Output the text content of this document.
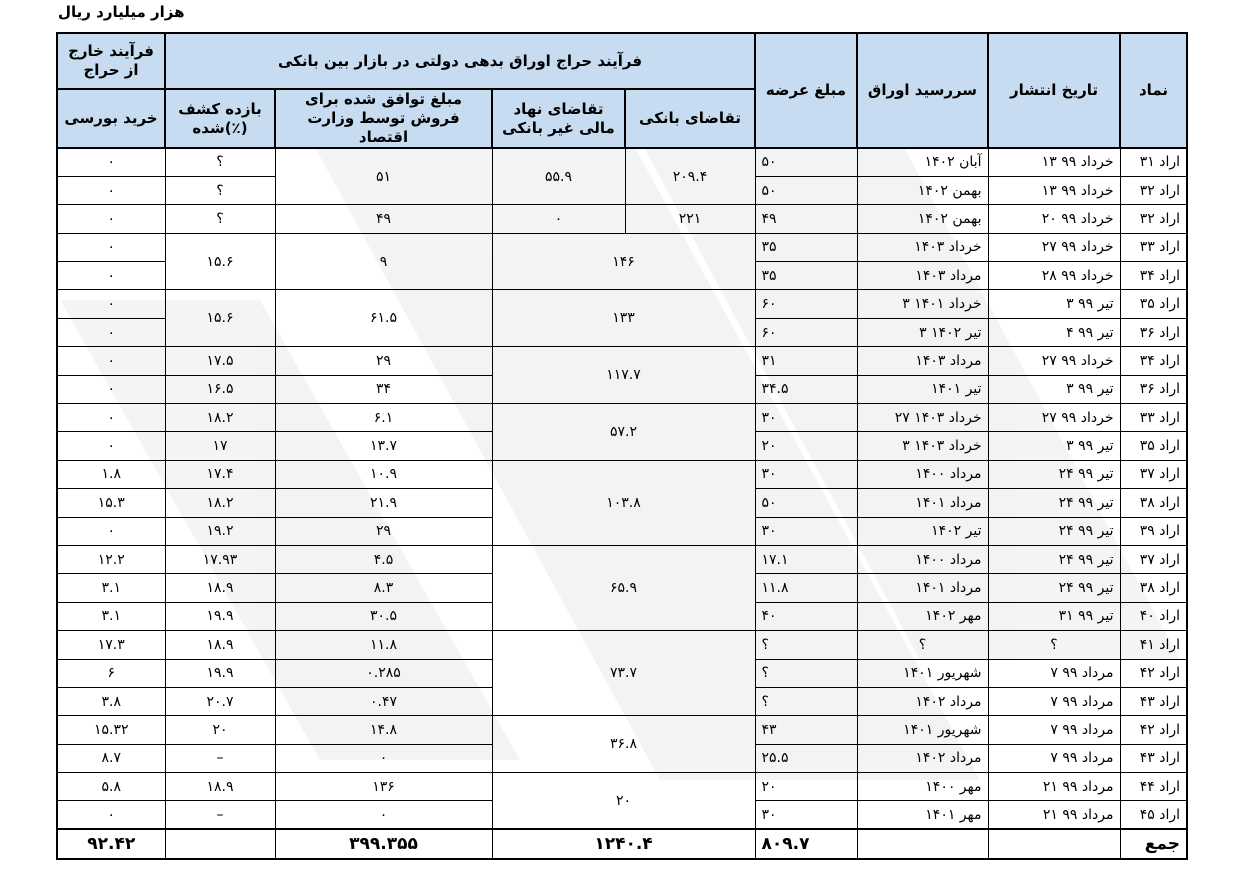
هزار میلیارد ریال
فرآیند خارج از حراج	فرآیند حراج اوراق بدهی دولتی در بازار بین بانکی				مبلغ عرضه	سررسید اوراق	تاریخ انتشار	نماد
خرید بورسی	بازده کشف شده(٪)	مبلغ توافق شده برای فروش توسط وزارت اقتصاد	تقاضای نهاد مالی غیر بانکی	تقاضای بانکی				
۰	؟	۵۱	۵۵.۹	۲۰۹.۴	۵۰	آبان ۱۴۰۲	۱۳ خرداد ۹۹	اراد ۳۱
۰	؟				۵۰	بهمن ۱۴۰۲	۱۳ خرداد ۹۹	اراد ۳۲
۰	؟	۴۹	۰	۲۲۱	۴۹	بهمن ۱۴۰۲	۲۰ خرداد ۹۹	اراد ۳۲
۰	۱۵.۶	۹	۱۴۶		۳۵	خرداد ۱۴۰۳	۲۷ خرداد ۹۹	اراد ۳۳
۰					۳۵	مرداد ۱۴۰۳	۲۸ خرداد ۹۹	اراد ۳۴
۰	۱۵.۶	۶۱.۵	۱۳۳		۶۰	۳ خرداد ۱۴۰۱	۳ تیر ۹۹	اراد ۳۵
۰					۶۰	۳ تیر ۱۴۰۲	۴ تیر ۹۹	اراد ۳۶
۰	۱۷.۵	۲۹	۱۱۷.۷		۳۱	مرداد ۱۴۰۳	۲۷ خرداد ۹۹	اراد ۳۴
۰	۱۶.۵	۳۴			۳۴.۵	تیر ۱۴۰۱	۳ تیر ۹۹	اراد ۳۶
۰	۱۸.۲	۶.۱	۵۷.۲		۳۰	۲۷ خرداد ۱۴۰۳	۲۷ خرداد ۹۹	اراد ۳۳
۰	۱۷	۱۳.۷			۲۰	۳ خرداد ۱۴۰۳	۳ تیر ۹۹	اراد ۳۵
۱.۸	۱۷.۴	۱۰.۹	۱۰۳.۸		۳۰	مرداد ۱۴۰۰	۲۴ تیر ۹۹	اراد ۳۷
۱۵.۳	۱۸.۲	۲۱.۹			۵۰	مرداد ۱۴۰۱	۲۴ تیر ۹۹	اراد ۳۸
۰	۱۹.۲	۲۹			۳۰	تیر ۱۴۰۲	۲۴ تیر ۹۹	اراد ۳۹
۱۲.۲	۱۷.۹۳	۴.۵	۶۵.۹		۱۷.۱	مرداد ۱۴۰۰	۲۴ تیر ۹۹	اراد ۳۷
۳.۱	۱۸.۹	۸.۳			۱۱.۸	مرداد ۱۴۰۱	۲۴ تیر ۹۹	اراد ۳۸
۳.۱	۱۹.۹	۳۰.۵			۴۰	مهر ۱۴۰۲	۳۱ تیر ۹۹	اراد ۴۰
۱۷.۳	۱۸.۹	۱۱.۸	۷۳.۷		؟	؟	؟	اراد ۴۱
۶	۱۹.۹	۰.۲۸۵			؟	شهریور ۱۴۰۱	۷ مرداد ۹۹	اراد ۴۲
۳.۸	۲۰.۷	۰.۴۷			؟	مرداد ۱۴۰۲	۷ مرداد ۹۹	اراد ۴۳
۱۵.۳۲	۲۰	۱۴.۸	۳۶.۸		۴۳	شهریور ۱۴۰۱	۷ مرداد ۹۹	اراد ۴۲
۸.۷	–	۰			۲۵.۵	مرداد ۱۴۰۲	۷ مرداد ۹۹	اراد ۴۳
۵.۸	۱۸.۹	۱۳۶	۲۰		۲۰	مهر ۱۴۰۰	۲۱ مرداد ۹۹	اراد ۴۴
۰	–	۰			۳۰	مهر ۱۴۰۱	۲۱ مرداد ۹۹	اراد ۴۵
۹۲.۴۲		۳۹۹.۳۵۵	۱۲۴۰.۴		۸۰۹.۷			جمع
